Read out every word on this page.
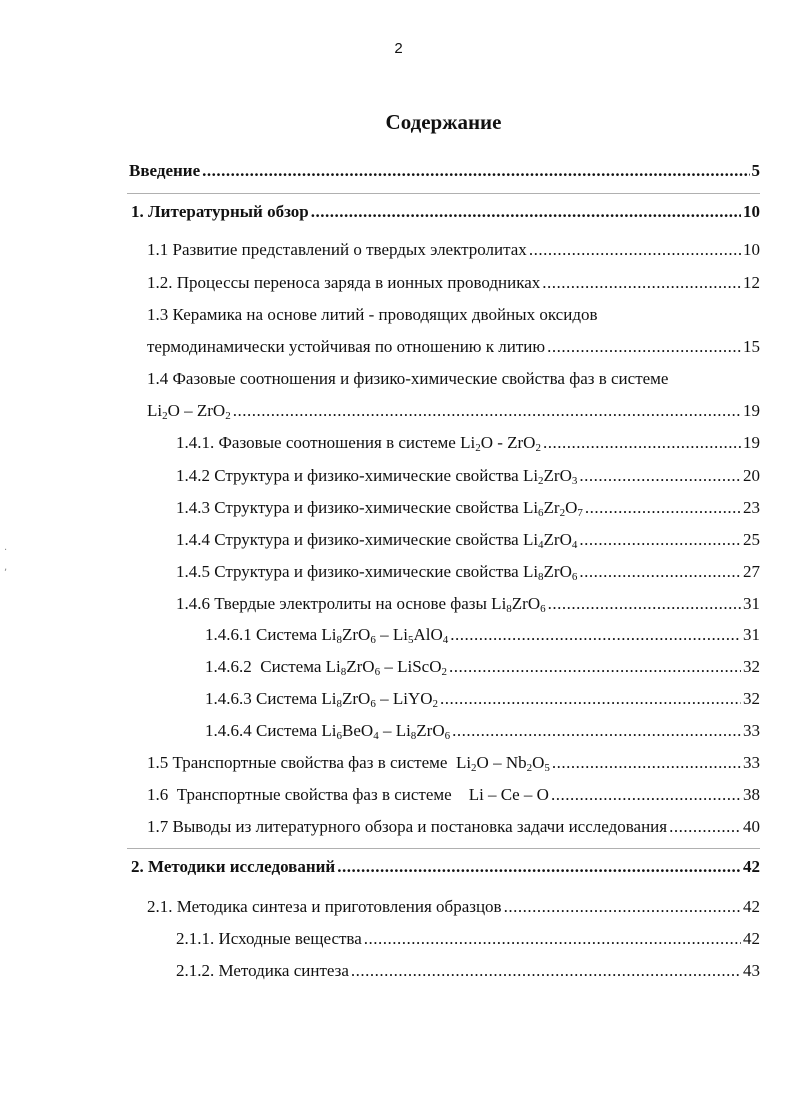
2
Содержание
·
,
Введение .....	5
1. Литературный обзор .....	10
1.1 Развитие представлений о твердых электролитах .....	10
1.2. Процессы переноса заряда в ионных проводниках .....	12
1.3 Керамика на основе литий - проводящих двойных оксидов
термодинамически устойчивая по отношению к литию .....	15
1.4 Фазовые соотношения и физико-химические свойства фаз в системе
$Li_2O - ZrO_2$ .....	19
1.4.1. Фазовые соотношения в системе $Li_2O - ZrO_2$ .....	19
1.4.2 Структура и физико-химические свойства $Li_2ZrO_3$ .....	20
1.4.3 Структура и физико-химические свойства $Li_6Zr_2O_7$ .....	23
1.4.4 Структура и физико-химические свойства $Li_4ZrO_4$ .....	25
1.4.5 Структура и физико-химические свойства $Li_8ZrO_6$ .....	27
1.4.6 Твердые электролиты на основе фазы $Li_8ZrO_6$ .....	31
1.4.6.1 Система $Li_8ZrO_6 - Li_5AlO_4$ .....	31
1.4.6.2  Система $Li_8ZrO_6$ – LiScO$_2$ .....	32
1.4.6.3 Система $Li_8ZrO_6$ – LiYO$_2$ .....	32
1.4.6.4 Система $Li_6BeO_4 - Li_8ZrO_6$ .....	33
1.5 Транспортные свойства фаз в системе  $Li_2O - Nb_2O_5$ .....	33
1.6  Транспортные свойства фаз в системе    Li – Ce – O .....	38
1.7 Выводы из литературного обзора и постановка задачи исследования .....	40
2. Методики исследований .....	42
2.1. Методика синтеза и приготовления образцов .....	42
2.1.1. Исходные вещества .....	42
2.1.2. Методика синтеза .....	43
